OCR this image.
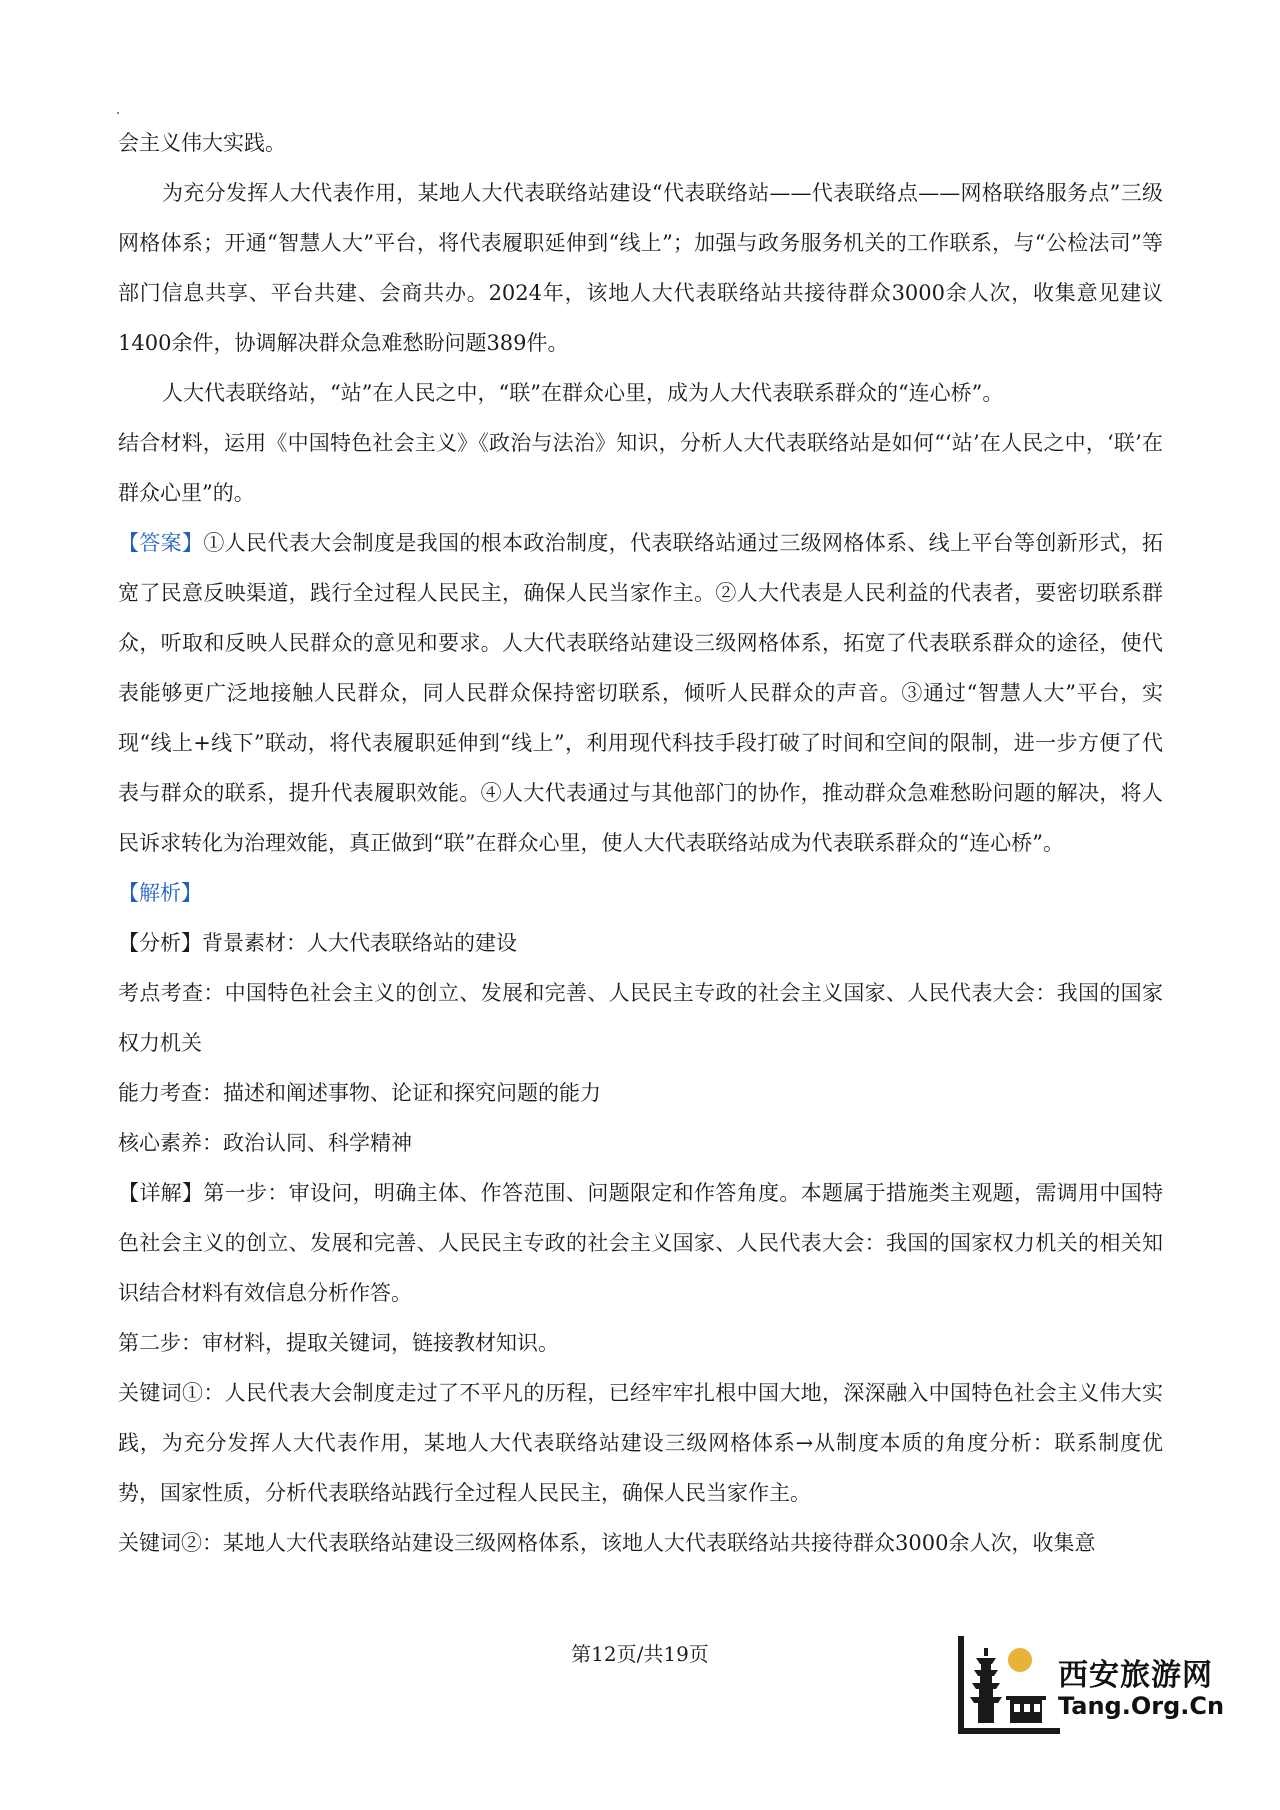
会主义伟大实践。

为充分发挥人大代表作用，某地人大代表联络站建设“代表联络站——代表联络点——网格联络服务点”三级网格体系；开通“智慧人大”平台，将代表履职延伸到“线上”；加强与政务服务机关的工作联系，与“公检法司”等部门信息共享、平台共建、会商共办。2024年，该地人大代表联络站共接待群众3000余人次，收集意见建议1400余件，协调解决群众急难愁盼问题389件。

人大代表联络站，“站”在人民之中，“联”在群众心里，成为人大代表联系群众的“连心桥”。

结合材料，运用《中国特色社会主义》《政治与法治》知识，分析人大代表联络站是如何“‘站’在人民之中，‘联’在群众心里”的。

【答案】①人民代表大会制度是我国的根本政治制度，代表联络站通过三级网格体系、线上平台等创新形式，拓宽了民意反映渠道，践行全过程人民民主，确保人民当家作主。②人大代表是人民利益的代表者，要密切联系群众，听取和反映人民群众的意见和要求。人大代表联络站建设三级网格体系，拓宽了代表联系群众的途径，使代表能够更广泛地接触人民群众，同人民群众保持密切联系，倾听人民群众的声音。③通过“智慧人大”平台，实现“线上+线下”联动，将代表履职延伸到“线上”，利用现代科技手段打破了时间和空间的限制，进一步方便了代表与群众的联系，提升代表履职效能。④人大代表通过与其他部门的协作，推动群众急难愁盼问题的解决，将人民诉求转化为治理效能，真正做到“联”在群众心里，使人大代表联络站成为代表联系群众的“连心桥”。

【解析】

【分析】背景素材：人大代表联络站的建设

考点考查：中国特色社会主义的创立、发展和完善、人民民主专政的社会主义国家、人民代表大会：我国的国家权力机关

能力考查：描述和阐述事物、论证和探究问题的能力

核心素养：政治认同、科学精神

【详解】第一步：审设问，明确主体、作答范围、问题限定和作答角度。本题属于措施类主观题，需调用中国特色社会主义的创立、发展和完善、人民民主专政的社会主义国家、人民代表大会：我国的国家权力机关的相关知识结合材料有效信息分析作答。

第二步：审材料，提取关键词，链接教材知识。

关键词①：人民代表大会制度走过了不平凡的历程，已经牢牢扎根中国大地，深深融入中国特色社会主义伟大实践，为充分发挥人大代表作用，某地人大代表联络站建设三级网格体系→从制度本质的角度分析：联系制度优势，国家性质，分析代表联络站践行全过程人民民主，确保人民当家作主。

关键词②：某地人大代表联络站建设三级网格体系，该地人大代表联络站共接待群众3000余人次，收集意

第12页/共19页
西安旅游网
Tang.Org.Cn
